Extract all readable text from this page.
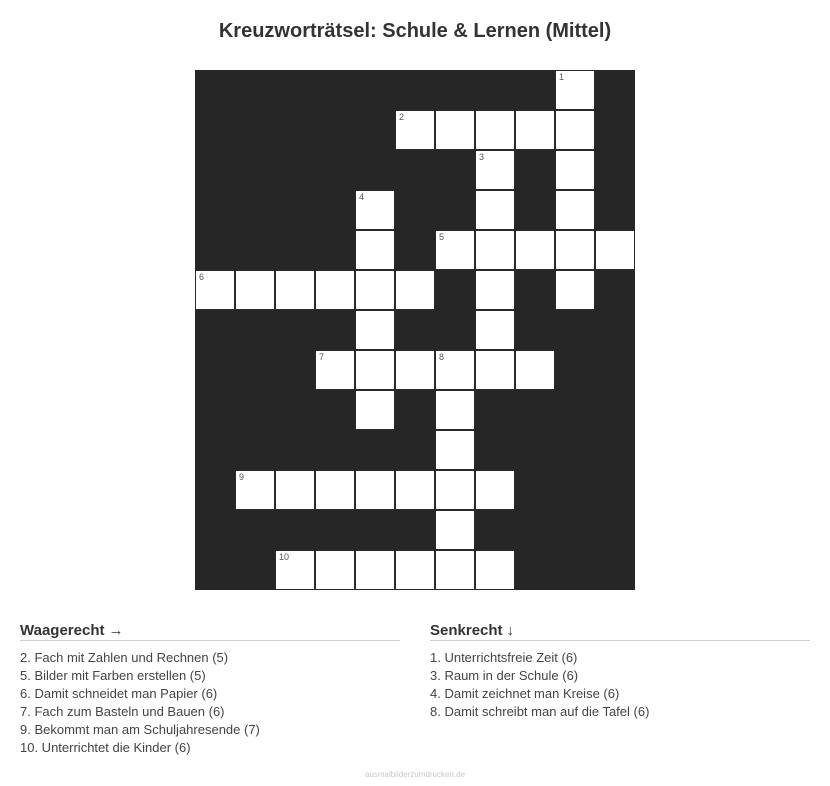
Kreuzworträtsel: Schule & Lernen (Mittel)
1
2
3
4
5
6
7	8
9
10
Waagerecht →
2. Fach mit Zahlen und Rechnen (5)
5. Bilder mit Farben erstellen (5)
6. Damit schneidet man Papier (6)
7. Fach zum Basteln und Bauen (6)
9. Bekommt man am Schuljahresende (7)
10. Unterrichtet die Kinder (6)
Senkrecht ↓
1. Unterrichtsfreie Zeit (6)
3. Raum in der Schule (6)
4. Damit zeichnet man Kreise (6)
8. Damit schreibt man auf die Tafel (6)
ausmalbilderzumdrucken.de
